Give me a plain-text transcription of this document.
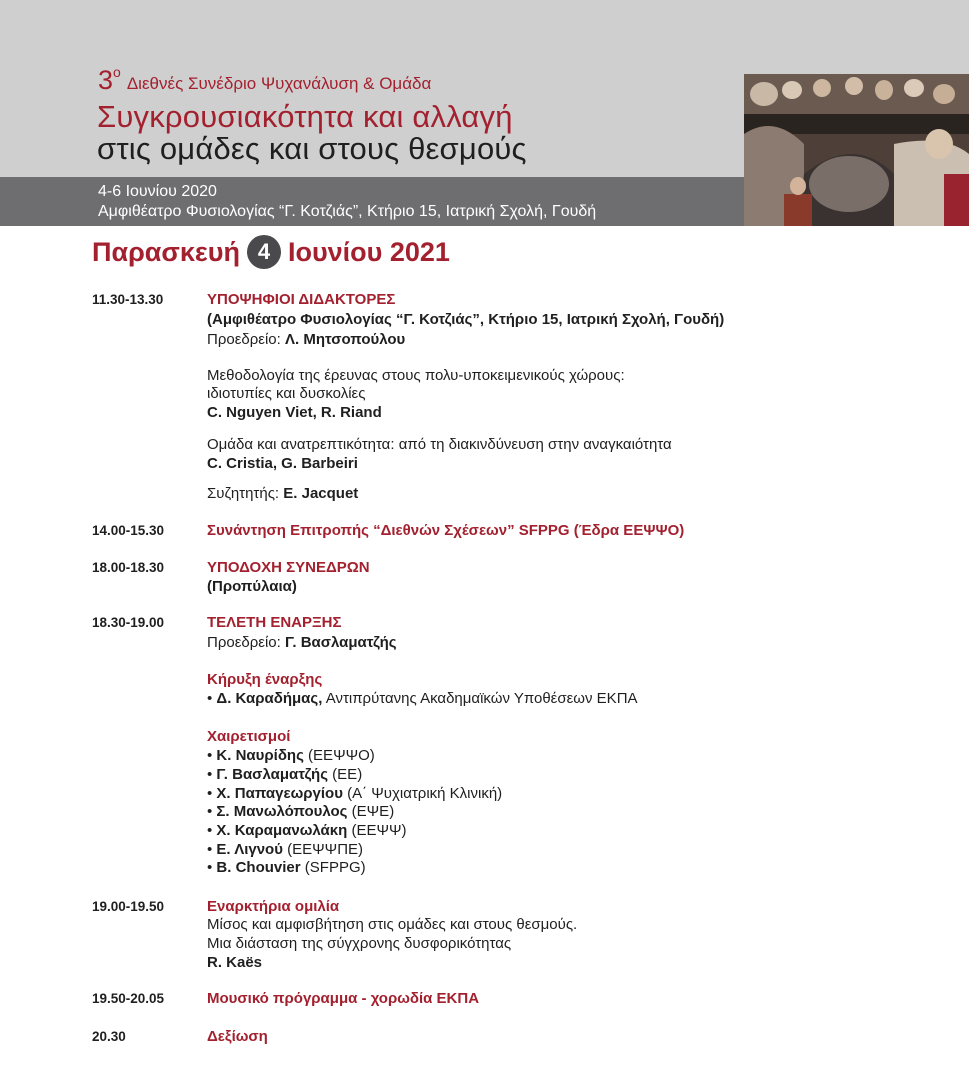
$3^o\Delta\iota\varepsilon\theta\nu έ\varsigma$ Συνέδριο Ψυχανάλυση & Ομάδα
Συγκρουσιακότητα και αλλαγή
στις ομάδες και στους θεσμούς
4-6 Ιουνίου 2020
Αμφιθέατρο Φυσιολογίας “Γ. Κοτζιάς”, Κτήριο 15, Ιατρική Σχολή, Γουδή
Παρασκευή 4 Ιουνίου 2021
11.30-13.30	ΥΠΟΨΗΦΙΟΙ ΔΙΔΑΚΤΟΡΕΣ
(Αμφιθέατρο Φυσιολογίας “Γ. Κοτζιάς”, Κτήριο 15, Ιατρική Σχολή, Γουδή)
Προεδρείο: Λ. Μητσοπούλου
Μεθοδολογία της έρευνας στους πολυ-υποκειμενικούς χώρους:
ιδιοτυπίες και δυσκολίες
C. Nguyen Viet, R. Riand
Ομάδα και ανατρεπτικότητα: από τη διακινδύνευση στην αναγκαιότητα
C. Cristia, G. Barbeiri
Συζητητής: E. Jacquet
14.00-15.30	Συνάντηση Επιτροπής “Διεθνών Σχέσεων” SFPPG (Έδρα ΕΕΨΨΟ)
18.00-18.30	ΥΠΟΔΟΧΗ ΣΥΝΕΔΡΩΝ
(Προπύλαια)
18.30-19.00	ΤΕΛΕΤΗ ΕΝΑΡΞΗΣ
Προεδρείο: Γ. Βασλαματζής
Κήρυξη έναρξης
• Δ. Καραδήμας, Αντιπρύτανης Ακαδημαϊκών Υποθέσεων ΕΚΠΑ
Χαιρετισμοί
• Κ. Ναυρίδης (ΕΕΨΨΟ)
• Γ. Βασλαματζής (ΕΕ)
• Χ. Παπαγεωργίου (Α΄ Ψυχιατρική Κλινική)
• Σ. Μανωλόπουλος (ΕΨΕ)
• Χ. Καραμανωλάκη (ΕΕΨΨ)
• Ε. Λιγνού (ΕΕΨΨΠΕ)
• B. Chouvier (SFPPG)
19.00-19.50	Εναρκτήρια ομιλία
Μίσος και αμφισβήτηση στις ομάδες και στους θεσμούς.
Μια διάσταση της σύγχρονης δυσφορικότητας
R. Kaës
19.50-20.05	Μουσικό πρόγραμμα - χορωδία ΕΚΠΑ
20.30	Δεξίωση
